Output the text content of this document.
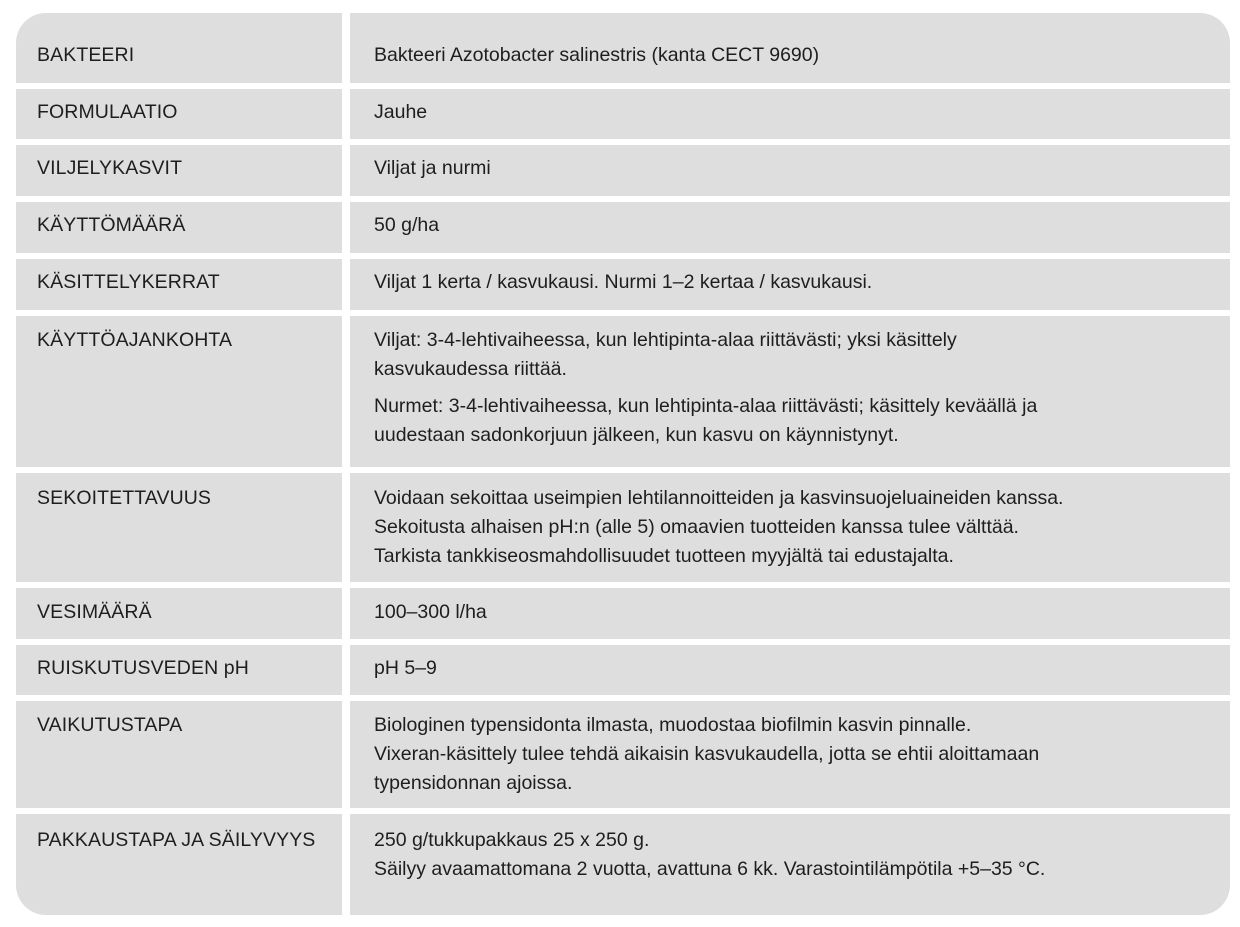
BAKTEERI	Bakteeri Azotobacter salinestris (kanta CECT 9690)
FORMULAATIO	Jauhe
VILJELYKASVIT	Viljat ja nurmi
KÄYTTÖMÄÄRÄ	50 g/ha
KÄSITTELYKERRAT	Viljat 1 kerta / kasvukausi. Nurmi 1–2 kertaa / kasvukausi.
KÄYTTÖAJANKOHTA	Viljat: 3-4-lehtivaiheessa, kun lehtipinta-alaa riittävästi; yksi käsittely
kasvukaudessa riittää.
Nurmet: 3-4-lehtivaiheessa, kun lehtipinta-alaa riittävästi; käsittely keväällä ja
uudestaan sadonkorjuun jälkeen, kun kasvu on käynnistynyt.
SEKOITETTAVUUS	Voidaan sekoittaa useimpien lehtilannoitteiden ja kasvinsuojeluaineiden kanssa.
Sekoitusta alhaisen pH:n (alle 5) omaavien tuotteiden kanssa tulee välttää.
Tarkista tankkiseosmahdollisuudet tuotteen myyjältä tai edustajalta.
VESIMÄÄRÄ	100–300 l/ha
RUISKUTUSVEDEN pH	pH 5–9
VAIKUTUSTAPA	Biologinen typensidonta ilmasta, muodostaa biofilmin kasvin pinnalle.
Vixeran-käsittely tulee tehdä aikaisin kasvukaudella, jotta se ehtii aloittamaan
typensidonnan ajoissa.
PAKKAUSTAPA JA SÄILYVYYS	250 g/tukkupakkaus 25 x 250 g.
Säilyy avaamattomana 2 vuotta, avattuna 6 kk. Varastointilämpötila +5–35 °C.
